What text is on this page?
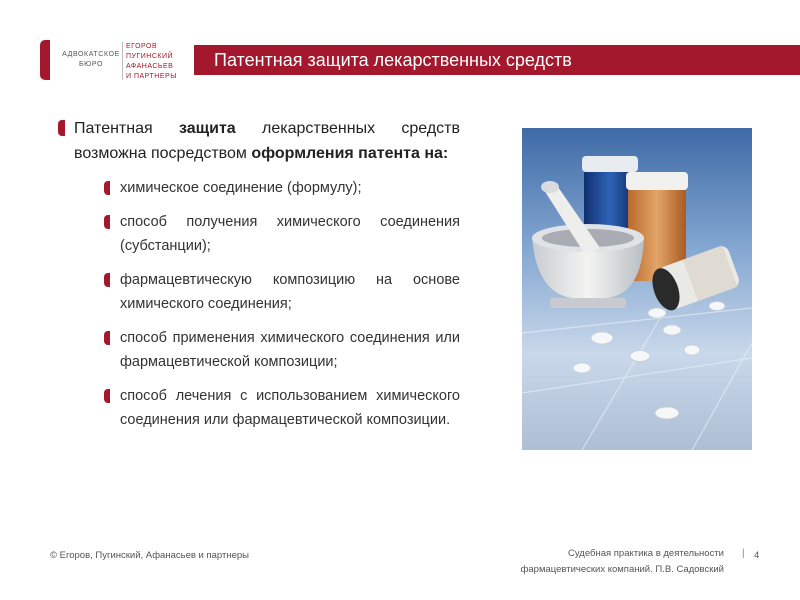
АДВОКАТСКОЕ
БЮРО
ЕГОРОВ
ПУГИНСКИЙ
АФАНАСЬЕВ
И ПАРТНЕРЫ
Патентная защита лекарственных средств
Патентная защита лекарственных средств возможна посредством оформления патента на:
химическое соединение (формулу);
способ получения химического соединения (субстанции);
фармацевтическую композицию на основе химического соединения;
способ применения химического соединения или фармацевтической композиции;
способ лечения с использованием химического соединения или фармацевтической композиции.
© Егоров, Пугинский, Афанасьев и партнеры	Судебная практика в деятельности
фармацевтических компаний. П.В. Садовский
| 4
